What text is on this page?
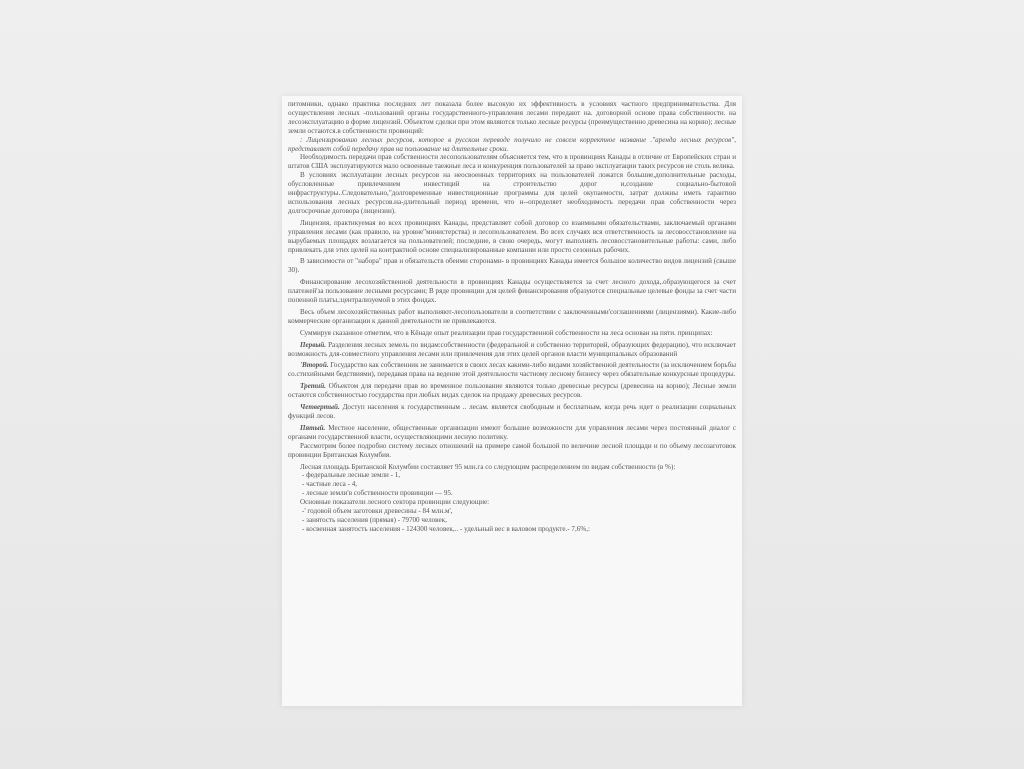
питомники, однако практика последних лет показала более высокую их эффективность в условиях частного предпринимательства. Для осуществления лесных -пользований органы государственного-управления лесами передают на. договорной основе права собственности. на лесоэксплуатацию в форме лицензий. Объектом сделки при этом являются только лесные ресурсы (преимущественно древесина на корню); лесные земли остаются.в собственности провинций:

: Лицензированию лесных ресурсов, которое в русском переводе получило не совсем корректное название ."аренда лесных ресурсов", представляет собой передачу прав на пользование на длительные сроки.

Необходимость передачи прав собственности лесопользователям объясняется тем, что в провинциях Канады в отличие от Европейских стран и штатов США эксплуатируются мало освоенные таежные леса и конкуренция пользователей за право эксплуатации таких ресурсов не столь велика.

В условиях эксплуатации лесных ресурсов на неосвоенных территориях на пользователей ложатся большие,дополнительные расходы, обусловленные привлечением инвестиций на строительство дорог и,создание социально-бытовой инфраструктуры..Следовательно,"долговременные инвестиционные программы для целей окупаемости, затрат должны иметь гарантию использования лесных ресурсов.на-длительный период времени, что н--определяет необходимость передачи прав собственности через долгосрочные договора (лицензии).

Лицензия, практикуемая во всех провинциях Канады, представляет собой договор со взаимными обязательствами, заключаемый органами управления лесами (как правило, на уровне"министерства) и лесопользователем. Во всех случаях вся ответственность за лесовосстановление на вырубаемых площадях возлагается на пользователей; последние, в свою очередь, могут выполнять лесовосстановительные работы: сами, либо привлекать для этих целей на контрактной основе специализированные компании или просто сезонных рабочих.

В зависимости от "набора" прав и обязательств обеими сторонами- в провинциях Канады имеется большое количество видов лицензий (свыше 30).

Финансирование лесохозяйственной деятельности в провинциях Канады осуществляется за счет лесного дохода,.образующегося за счет платежей'за пользование лесными ресурсами; В ряде провинции для целей финансирования образуются специальные целевые фонды за счет части попенной платы,:централизуемой в этих фондах.

Весь объем лесохозяйственных работ выполняют-лесопользователи в соответствии с заключенными'соглашениями (лицензиями). Какие-либо коммерческие организации к данной деятельности не привлекаются.

Суммируя сказанное отметим, что в Кёнаде опыт реализации прав государственной собственности на леса основан на пяти. принципах:

Первый. Разделения лесных земель по видам:собственности (федеральной и собственно территорий, образующих федерацию), что исключает возможность для-совместного управления лесами или привлечения для этих целей органов власти муниципальных образований

'Второй. Государство как собственник не занимается в своих лесах какими-либо видами хозяйственной деятельности (за исключением борьбы со.стихийными бедствиями), передавая права на ведение этой деятельности частному лесному бизнесу через обязательные конкурсные процедуры.

Третий. Объектом для передачи прав во временное пользование являются только древесные ресурсы (древесина на корню); Лесные земли остаются собственностью государства при любых видах сделок на продажу древесных ресурсов.

Четвертый. Доступ населения к государственным .. лесам. является свободным и бесплатным, когда речь идет о реализации социальных функций лесов.

Пятый. Местное население, общественные организации имеют большие возможности для управления лесами через постоянный диалог с органами государственной власти, осуществляющими лесную политику.

Рассмотрим более подробно систему лесных отношений на примере самой большой по величине лесной площади и по объему лесозаготовок провинции Британская Колумбия.

Лесная площадь Британской Колумбии составляет 95 млн.га со следующим распределением по видам собственности (в %):

- федеральные лесные земли - 1,

- частные леса - 4,

- лесные земли'в собственности провинции — 95.

Основные показатели лесного сектора провинции следующие:

-' годовой объем заготовки древесины - 84 млн.м',

- занятость населения (прямая) - 79700 человек,

- косвенная занятость населения - 124300 человек,.. - удельный вес в валовом продукте.- 7,6%,:
